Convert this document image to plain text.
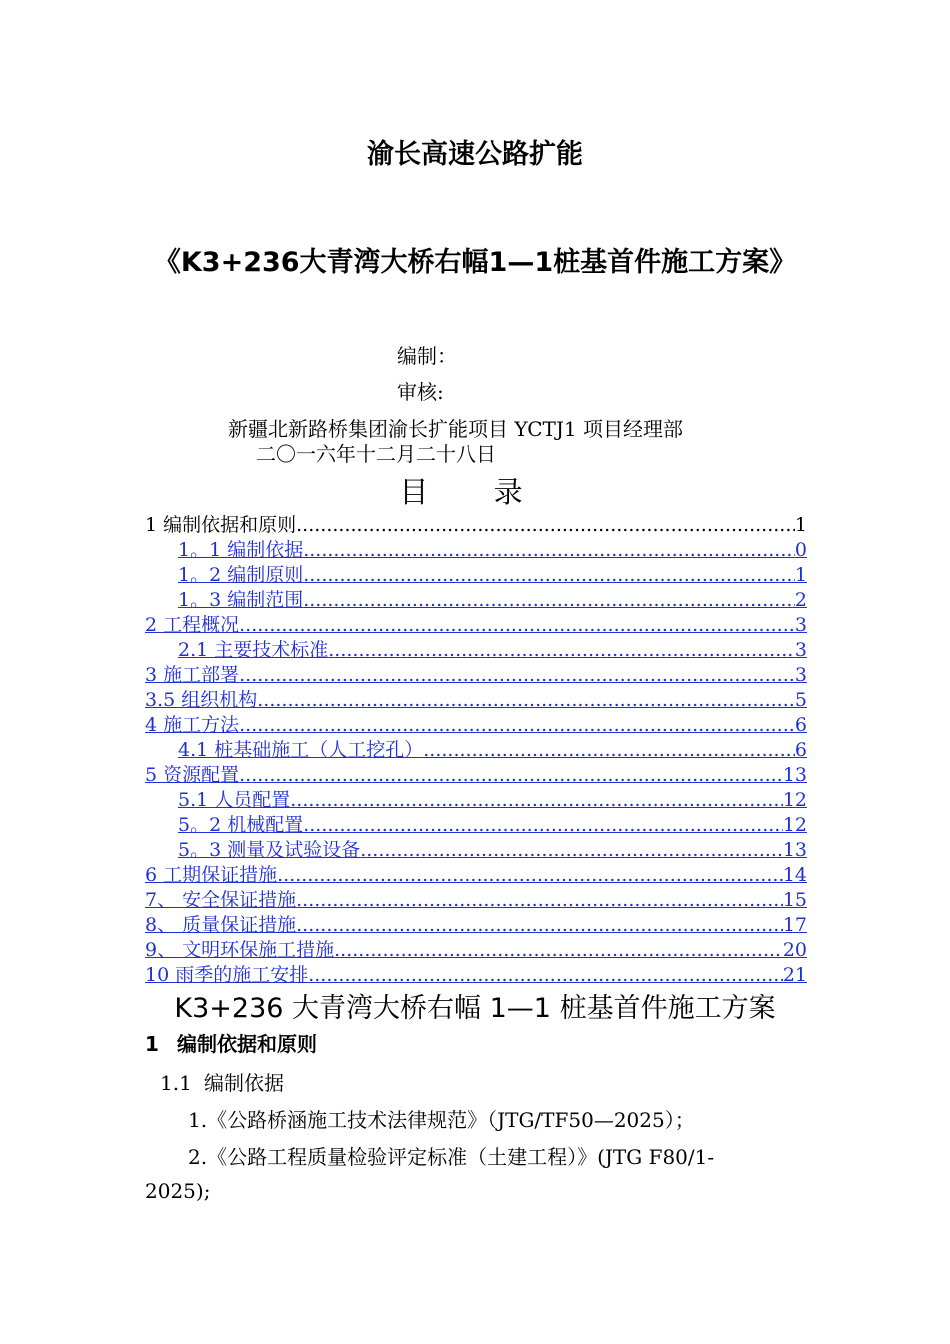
渝长高速公路扩能
《K3+236大青湾大桥右幅1—1桩基首件施工方案》
编制：
审核:
新疆北新路桥集团渝长扩能项目 YCTJ1 项目经理部
二〇一六年十二月二十八日
目 录
1 编制依据和原则 .....	1
1。1 编制依据 .....	0
1。2 编制原则 .....	1
1。3 编制范围 .....	2
2 工程概况 .....	3
2.1 主要技术标准 .....	3
3 施工部署 .....	3
3.5 组织机构 .....	5
4 施工方法 .....	6
4.1 桩基础施工（人工挖孔） .....	6
5 资源配置 .....	13
5.1 人员配置 .....	12
5。2 机械配置 .....	12
5。3 测量及试验设备 .....	13
6 工期保证措施 .....	14
7、 安全保证措施 .....	15
8、 质量保证措施 .....	17
9、 文明环保施工措施 .....	20
10 雨季的施工安排 .....	21
K3+236 大青湾大桥右幅 1—1 桩基首件施工方案
1 编制依据和原则
1.1 编制依据
1.《公路桥涵施工技术法律规范》（JTG/TF50—2025）；
2.《公路工程质量检验评定标准（土建工程）》(JTG F80/1-
2025);
